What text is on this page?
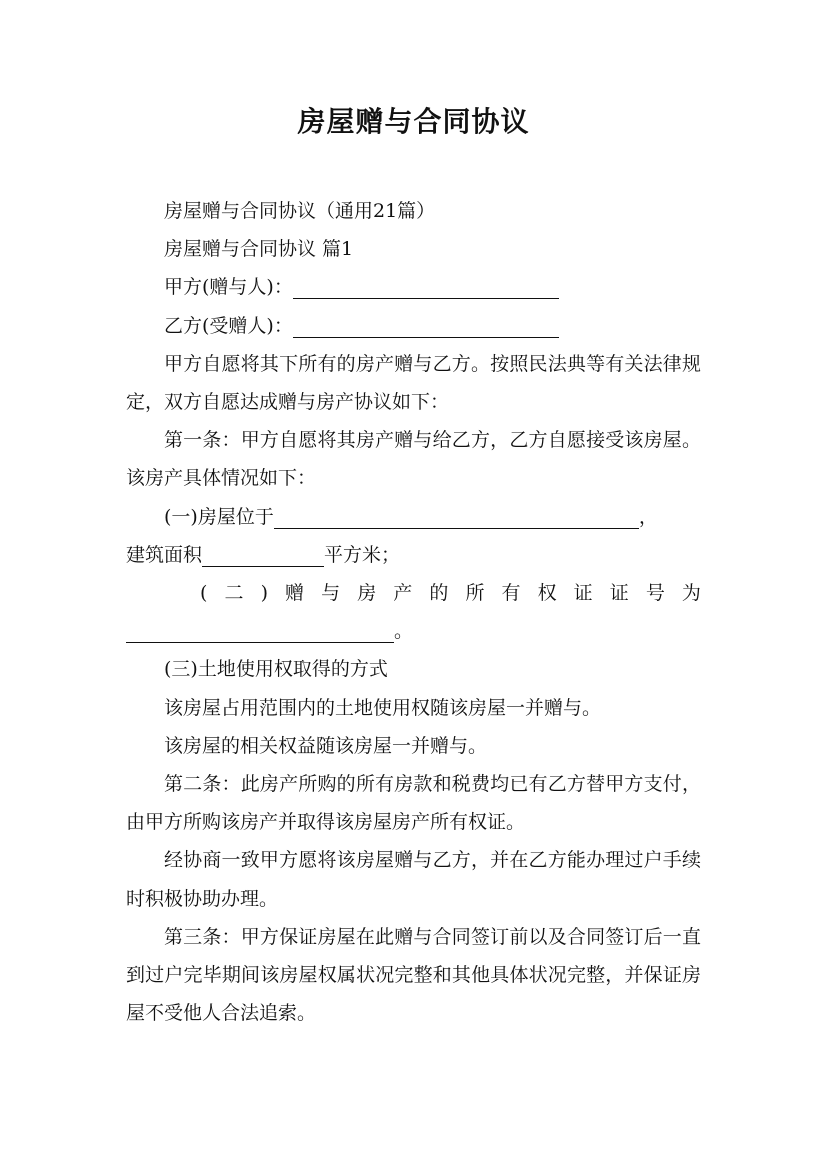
房屋赠与合同协议

房屋赠与合同协议（通用21篇）

房屋赠与合同协议 篇1

甲方(赠与人)：

乙方(受赠人)：

甲方自愿将其下所有的房产赠与乙方。按照民法典等有关法律规定，双方自愿达成赠与房产协议如下：

第一条：甲方自愿将其房产赠与给乙方，乙方自愿接受该房屋。该房产具体情况如下：

(一)房屋位于	，

建筑面积	平方米；

( 二 ) 赠 与 房 产 的 所 有 权 证 证 号 为

。

(三)土地使用权取得的方式

该房屋占用范围内的土地使用权随该房屋一并赠与。

该房屋的相关权益随该房屋一并赠与。

第二条：此房产所购的所有房款和税费均已有乙方替甲方支付，由甲方所购该房产并取得该房屋房产所有权证。

经协商一致甲方愿将该房屋赠与乙方，并在乙方能办理过户手续时积极协助办理。

第三条：甲方保证房屋在此赠与合同签订前以及合同签订后一直到过户完毕期间该房屋权属状况完整和其他具体状况完整，并保证房屋不受他人合法追索。
